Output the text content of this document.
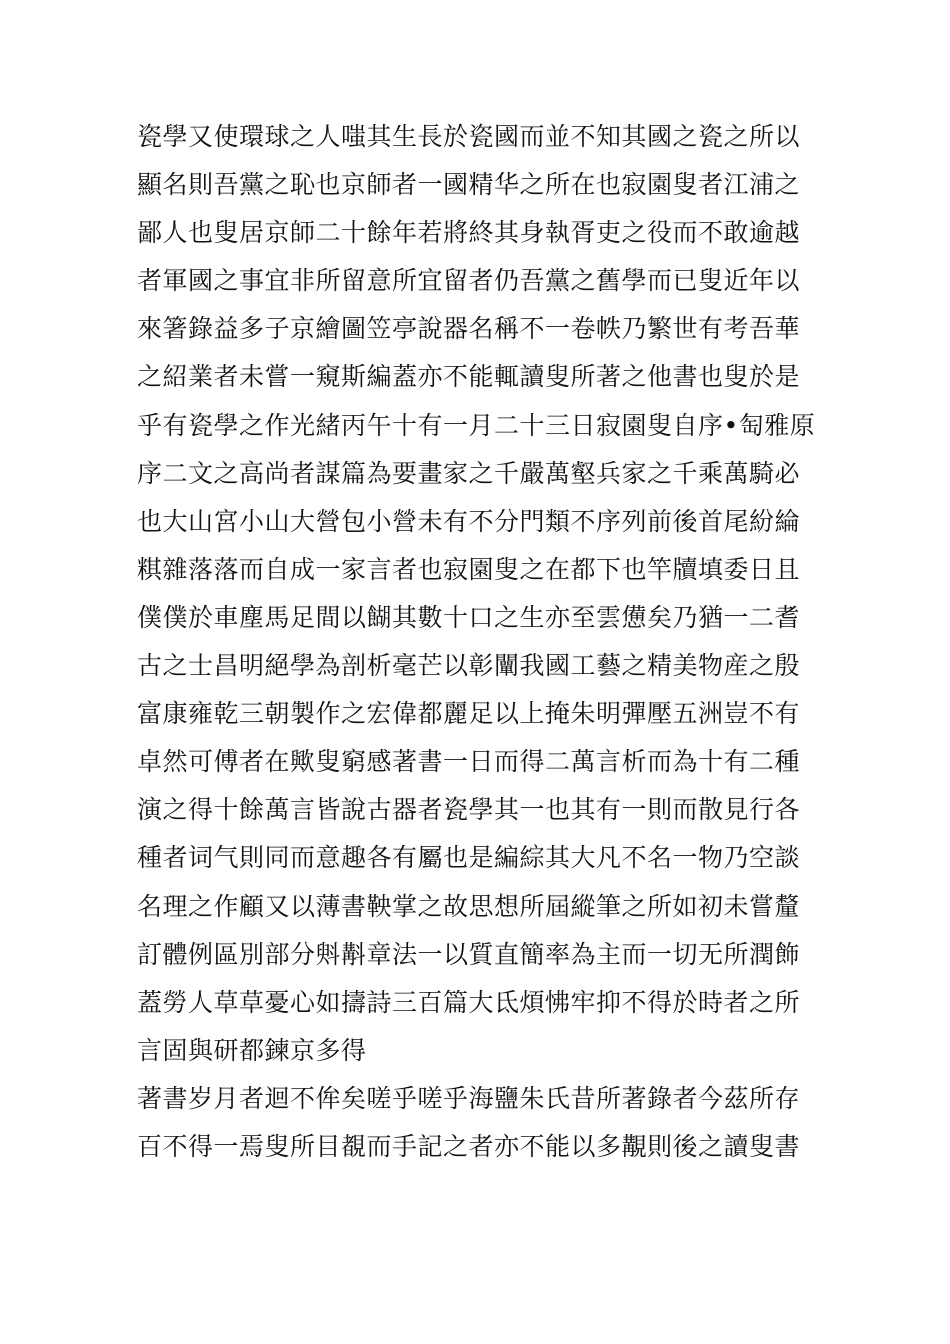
瓷學又使環球之人嗤其生長於瓷國而並不知其國之瓷之所以
顯名則吾黨之恥也京師者一國精华之所在也寂園叟者江浦之
鄙人也叟居京師二十餘年若將終其身執胥吏之役而不敢逾越
者軍國之事宜非所留意所宜留者仍吾黨之舊學而已叟近年以
來箸錄益多子京繪圖笠亭說器名稱不一卷帙乃繁世有考吾華
之紹業者未嘗一窺斯編蓋亦不能輒讀叟所著之他書也叟於是
乎有瓷學之作光緒丙午十有一月二十三日寂園叟自序•匋雅原
序二文之高尚者謀篇為要畫家之千嚴萬壑兵家之千乘萬騎必
也大山宮小山大營包小營未有不分門類不序列前後首尾紛綸
粸雜落落而自成一家言者也寂園叟之在都下也竿牘填委日且
僕僕於車塵馬足間以餬其數十口之生亦至雲憊矣乃猶一二耆
古之士昌明絕學為剖析毫芒以彰闡我國工藝之精美物産之殷
富康雍乾三朝製作之宏偉都麗足以上掩朱明彈壓五洲豈不有
卓然可傅者在歟叟窮感著書一日而得二萬言析而為十有二種
演之得十餘萬言皆說古器者瓷學其一也其有一則而散見行各
種者词气則同而意趣各有屬也是編綜其大凡不名一物乃空談
名理之作顧又以薄書鞅掌之故思想所屆縱筆之所如初未嘗釐
訂體例區別部分斞斠章法一以質直簡率為主而一切无所潤飾
蓋勞人草草憂心如擣詩三百篇大氐煩怫牢抑不得於時者之所
言固與研都鍊京多得
著書岁月者迴不侔矣嗟乎嗟乎海鹽朱氏昔所著錄者今茲所存
百不得一焉叟所目覩而手記之者亦不能以多覯則後之讀叟書
